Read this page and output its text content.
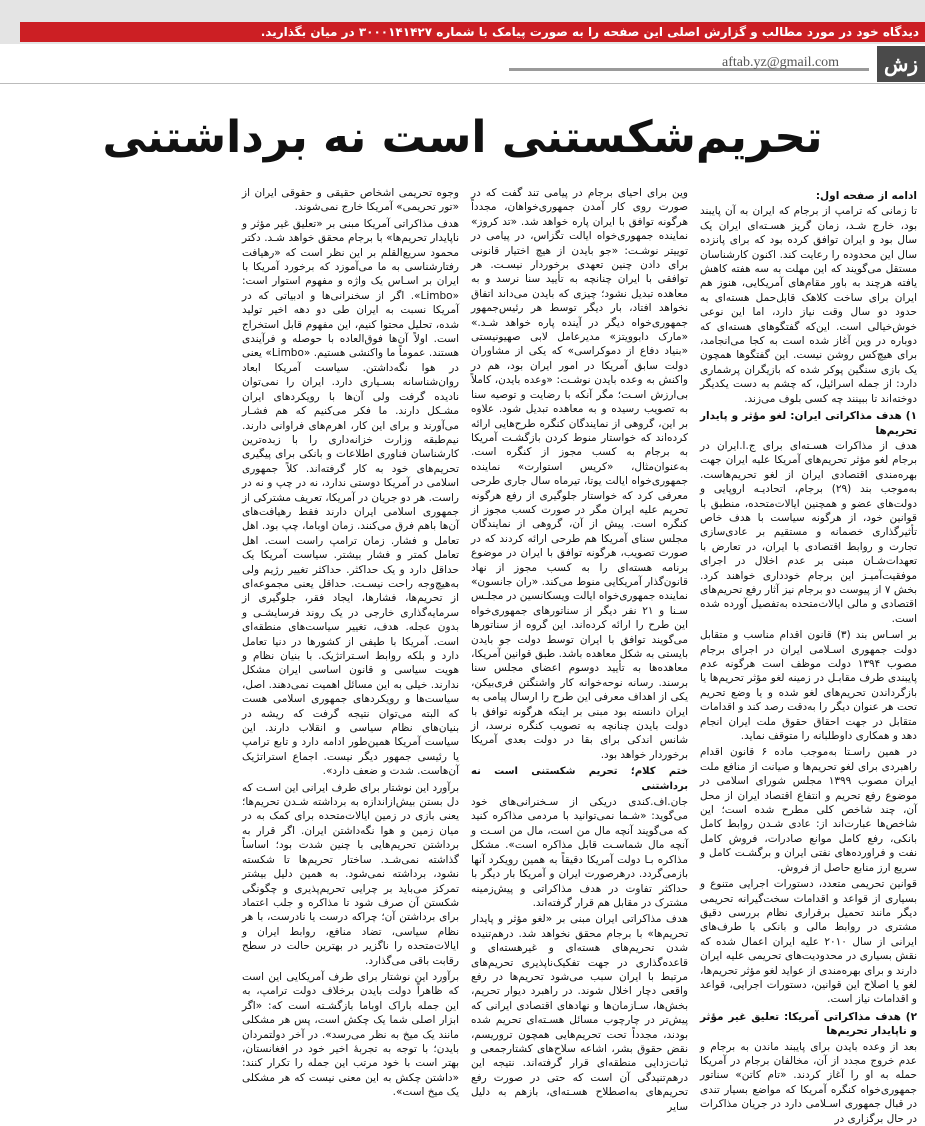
دیدگاه خود در مورد مطالب و گزارش اصلی این صفحه را به صورت پیامک با شماره ۳۰۰۰۱۴۱۴۲۷ در میان بگذارید.
زش
aftab.yz@gmail.com
تحریم‌شکستنی است نه برداشتنی
ادامه از صفحه اول:

تا زمانی که ترامپ از برجام که ایران به آن پایبند بود، خارج شـد، زمان گریز هسـته‌ای ایران یک سال بود و ایران توافق کرده بود که برای پانزده سال این محدوده را رعایت کند. اکنون کارشناسان مستقل می‌گویند که این مهلت به سه هفته کاهش یافته هرچند به باور مقام‌های آمریکایی، هنوز هم ایران برای ساخت کلاهک قابل‌حمل هسته‌ای به حدود دو سال وقت نیاز دارد، اما این نوعی خوش‌خیالی است. این‌که گفتگوهای هسته‌ای که دوباره در وین آغاز شده است به کجا می‌انجامد، برای هیچ‌کس روشن نیست. این گفتگوها همچون یک بازی سنگین پوکر شده که بازیگران پرشماری دارد: از جمله اسرائیل، که چشم به دست یکدیگر دوخته‌اند تا ببینند چه کسی بلوف می‌زند.

۱) هدف مذاکراتی ایران: لغو مؤثر و پایدار تحریم‌ها

هدف از مذاکرات هسـته‌ای برای ج.ا.ایران در برجام لغو مؤثر تحریم‌های آمریکا علیه ایران جهت بهره‌مندی اقتصادی ایران از لغو تحریم‌هاست. به‌موجب بند (۲۹) برجام، اتحادیـه اروپایی و دولت‌های عضو و همچنین ایالات‌متحده، منطبق با قوانین خود، از هرگونه سیاست با هدف خاص تأثیرگذاری خصمانه و مستقیم بر عادی‌سازی تجارت و روابط اقتصادی با ایران، در تعارض با تعهدات‌شـان مبنی بر عدم اخلال در اجرای موفقیت‌آمیـز این برجام خودداری خواهند کرد. بخش ۷ از پیوست دو برجام نیز آثار رفع تحریم‌های اقتصادی و مالی ایالات‌متحده به‌تفصیل آورده شده است.

بر اسـاس بند (۳) قانون اقدام مناسب و متقابل دولت جمهوری اسـلامی ایران در اجرای برجام مصوب ۱۳۹۴ دولت موظف است هرگونه عدم پایبندی طرف مقابـل در زمینه لغو مؤثر تحریم‌ها یا بازگرداندن تحریم‌های لغو شده و یا وضع تحریم تحت هر عنوان دیگر را به‌دقت رصد کند و اقدامات متقابل در جهت احقاق حقوق ملت ایران انجام دهد و همکاری داوطلبانه را متوقف نماید.

در همین راسـتا به‌موجب ماده ۶ قانون اقدام راهبردی برای لغو تحریم‌ها و صیانت از منافع ملت ایران مصوب ۱۳۹۹ مجلس شورای اسلامی در موضوع رفع تحریم و انتفاع اقتصاد ایران از محل آن، چند شاخص کلی مطرح شده است؛ این شاخص‌ها عبارت‌اند از: عادی شـدن روابط کامل بانکی، رفع کامل موانع صادرات، فروش کامل نفت و فراورده‌های نفتی ایران و برگشـت کامل و سریع ارز منابع حاصل از فروش.

قوانین تحریمی متعدد، دستورات اجرایی متنوع و بسیاری از قواعد و اقدامات سخت‌گیرانه تحریمی دیگر مانند تحمیل برقراری نظام بررسی دقیق مشتری در روابط مالی و بانکی با طرف‌های ایرانی از سال ۲۰۱۰ علیه ایران اعمال شده که نقش بسیاری در محدودیت‌های تحریمی علیه ایران دارند و برای بهره‌مندی از عواید لغو مؤثر تحریم‌ها، لغو یا اصلاح این قوانین، دستورات اجرایی، قواعد و اقدامات نیاز است.

۲) هدف مذاکراتی آمریکا: تعلیق غیر مؤثر و ناپایدار تحریم‌ها

بعد از وعده بایدن برای پایبند ماندن به برجام و عدم خروج مجدد از آن، مخالفان برجام در آمریکا حمله به او را آغاز کردند. «تام کاتن» سناتور جمهوری‌خواه کنگره آمریکا که مواضع بسیار تندی در قبال جمهوری اسـلامی دارد در جریان مذاکرات در حال برگزاری در

وین برای احیای برجام در پیامی تند گفت که در صورت روی کار آمدن جمهوری‌خواهان، مجدداً هرگونه توافق با ایران پاره خواهد شد. «تد کروز» نماینده جمهوری‌خواه ایالت تگزاس، در پیامی در توییتر نوشـت: «جو بایدن از هیچ اختیار قانونی برای دادن چنین تعهدی برخوردار نیسـت. هر توافقی با ایران چنانچه به تأیید سنا نرسد و به معاهده تبدیل نشود؛ چیزی که بایدن می‌داند اتفاق نخواهد افتاد، بار دیگر توسط هر رئیس‌جمهور جمهوری‌خواه دیگر در آینده پاره خواهد شـد.» «مارک دابوویتز» مدیرعامل لابی صهیونیستی «بنیاد دفاع از دموکراسی» که یکی از مشاوران دولت سابق آمریکا در امور ایران بود، هم در واکنش به وعده بایدن نوشـت: «وعده بایدن، کاملاً بی‌ارزش اسـت؛ مگر آنکه با رضایت و توصیه سنا به تصویب رسیده و به معاهده تبدیل شود. علاوه بر این، گروهی از نمایندگان کنگره طرح‌هایی ارائه کرده‌اند که خواستار منوط کردن بازگشـت آمریکا به برجام به کسب مجوز از کنگره است. به‌عنوان‌مثال، «کریس استوارت» نماینده جمهوری‌خواه ایالت یوتا، تیرماه سال جاری طرحی معرفی کرد که خواستار جلوگیری از رفع هرگونه تحریم علیه ایران مگر در صورت کسب مجوز از کنگره است. پیش از آن، گروهی از نمایندگان مجلس سنای آمریکا هم طرحی ارائه کردند که در صورت تصویب، هرگونه توافق با ایران در موضوع برنامه هسته‌ای را به کسب مجوز از نهاد قانون‌گذار آمریکایی منوط می‌کند. «ران جانسون» نماینده جمهوری‌خواه ایالت ویسکانسین در مجلـس سـنا و ۲۱ نفر دیگر از سناتورهای جمهوری‌خواه این طرح را ارائه کرده‌اند. این گروه از سناتورها می‌گویند توافق با ایران توسط دولت جو بایدن بایستی به شکل معاهده باشد. طبق قوانین آمریکا، معاهده‌ها به تأیید دوسوم اعضای مجلس سنا برسند. رسانه نوحه‌خوانه کار واشنگتن فری‌بیکن، یکی از اهداف معرفی این طرح را ارسال پیامی به ایران دانسته بود مبنی بر اینکه هرگونه توافق با دولت بایدن چنانچه به تصویب کنگره نرسد، از شانس اندکی برای بقا در دولت بعدی آمریکا برخوردار خواهد بود.

ختم کلام؛ تحریم شکستنی است نه برداشتنی

جان.اف.کندی دریکی از سـخنرانی‌های خود می‌گوید: «شـما نمی‌توانید با مردمی مذاکره کنید که می‌گویند آنچه مال من است، مال من اسـت و آنچه مال شماسـت قابل مذاکره است». مشکل مذاکره بـا دولت آمریکا دقیقاً به همین رویکرد آنها بازمی‌گردد. درهرصورت ایران و آمریکا بار دیگر با حداکثر تفاوت در هدف مذاکراتی و پیش‌زمینه مشترک در مقابل هم قرار گرفته‌اند.

هدف مذاکراتی ایران مبنی بر «لغو مؤثر و پایدار تحریم‌ها» با برجام محقق نخواهد شد. درهم‌تنیده شدن تحریم‌های هسته‌ای و غیرهسته‌ای و قاعده‌گذاری در جهت تفکیک‌ناپذیری تحریم‌های مرتبط با ایران سبب می‌شود تحریم‌ها در رفع واقعی دچار اخلال شوند. در راهبرد دیوار تحریم، بخش‌ها، سـازمان‌ها و نهادهای اقتصادی ایرانی که پیش‌تر در چارچوب مسائل هسـته‌ای تحریم شده بودند، مجدداً تحت تحریم‌هایی همچون تروریسم، نقض حقوق بشر، اشاعه سلاح‌های کشتارجمعی و ثبات‌زدایی منطقه‌ای قرار گرفته‌اند. نتیجه این درهم‌تنیدگی آن است که حتی در صورت رفع تحریم‌های به‌اصطلاح هسـته‌ای، بازهم به دلیل سایر

وجوه تحریمی اشخاص حقیقی و حقوقی ایران از «تور تحریمی» آمریکا خارج نمی‌شوند.

هدف مذاکراتی آمریکا مبنی بر «تعلیق غیر مؤثر و ناپایدار تحریم‌ها» با برجام محقق خواهد شـد. دکتر محمود سریع‌القلم بر این نظر است که «رهیافت رفتارشناسی به ما می‌آموزد که برخورد آمریکا با ایران بر اسـاس یک واژه و مفهوم استوار است: «Limbo». اگر از سخنرانی‌ها و ادبیاتی که در آمریکا نسبت به ایران طی دو دهه اخیر تولید شده، تحلیل محتوا کنیم، این مفهوم قابل استخراج است. اولاً آن‌ها فوق‌العاده با حوصله و فرآیندی هستند. عموماً ما واکنشی هستیم. «Limbo» یعنی در هوا نگه‌داشتن. سیاست آمریکا ابعاد روان‌شناسانه بسـیاری دارد. ایران را نمی‌توان نادیده گرفت ولی آن‌ها با رویکردهای ایران مشـکل دارند. ما فکر می‌کنیم که هم فشـار می‌آورند و برای این کار، اهرم‌های فراوانی دارند. نیم‌طبقه وزارت خزانه‌داری را با زبده‌ترین کارشناسان فناوری اطلاعات و بانکی برای پیگیری تحریم‌های خود به کار گرفته‌اند. کلاً جمهوری اسلامی در آمریکا دوستی ندارد، نه در چپ و نه در راست. هر دو جریان در آمریکا، تعریف مشترکی از جمهوری اسلامی ایران دارند فقط رهیافت‌های آن‌ها باهم فرق می‌کنند. زمان اوباما، چپ بود. اهل تعامل و فشار. زمان ترامپ راست است. اهل تعامل کمتر و فشار بیشتر. سیاست آمریکا یک حداقل دارد و یک حداکثر. حداکثر تغییر رژیم ولی به‌هیچ‌وجه راحت نیسـت. حداقل یعنی مجموعه‌ای از تحریم‌ها، فشارها، ایجاد فقر، جلوگیری از سرمایه‌گذاری خارجی در یک روند فرسایشـی و بدون عجله. هدف، تغییر سیاست‌های منطقه‌ای است. آمریکا با طیفی از کشورها در دنیا تعامل دارد و بلکه روابط اسـتراتژیک. با بنیان نظام و هویت سیاسی و قانون اساسی ایران مشکل ندارند. خیلی به این مسائل اهمیت نمی‌دهند. اصل، سیاست‌ها و رویکردهای جمهوری اسلامی هست که البته می‌توان نتیجه گرفت که ریشه در بنیان‌های نظام سیاسی و انقلاب دارند. این سیاست آمریکا همین‌طور ادامه دارد و تابع ترامپ یا رئیسی جمهور دیگر نیست. اجماع استراتژیک آن‌هاست. شدت و ضعف دارد».

برآورد این نوشتار برای طرف ایرانی این اسـت که دل بستن بیش‌ازاندازه به برداشته شـدن تحریم‌ها؛ یعنی بازی در زمین ایالات‌متحده برای کمک به در میان زمین و هوا نگه‌داشتن ایران. اگر قرار به برداشتن تحریم‌هایی با چنین شدت بود؛ اساساً گذاشته نمی‌شـد. ساختار تحریم‌ها تا شکسته نشود، برداشته نمی‌شود. به همین دلیل بیشتر تمرکز می‌باید بر چرایی تحریم‌پذیری و چگونگی شکستن آن صرف شود تا مذاکره و جلب اعتماد برای برداشتن آن؛ چراکه درست یا نادرست، با هر نظام سیاسی، تضاد منافع، روابط ایران و ایالات‌متحده را ناگزیر در بهترین حالت در سطح رقابت باقی می‌گذارد.

برآورد این نوشتار برای طرف آمریکایی این است که ظاهراً دولت بایدن برخلاف دولت ترامپ، به این جمله باراک اوباما بازگشـته است که: «اگر ابزار اصلی شما یک چکش است، پس هر مشکلی مانند یک میخ به نظر می‌رسد». در آخر دولتمردان بایدن؛ با توجه به تجربهٔ اخیر خود در افغانستان، بهتر است با خود مرتب این جمله را تکرار کنند: «داشتن چکش به این معنی نیست که هر مشکلی یک میخ است».
